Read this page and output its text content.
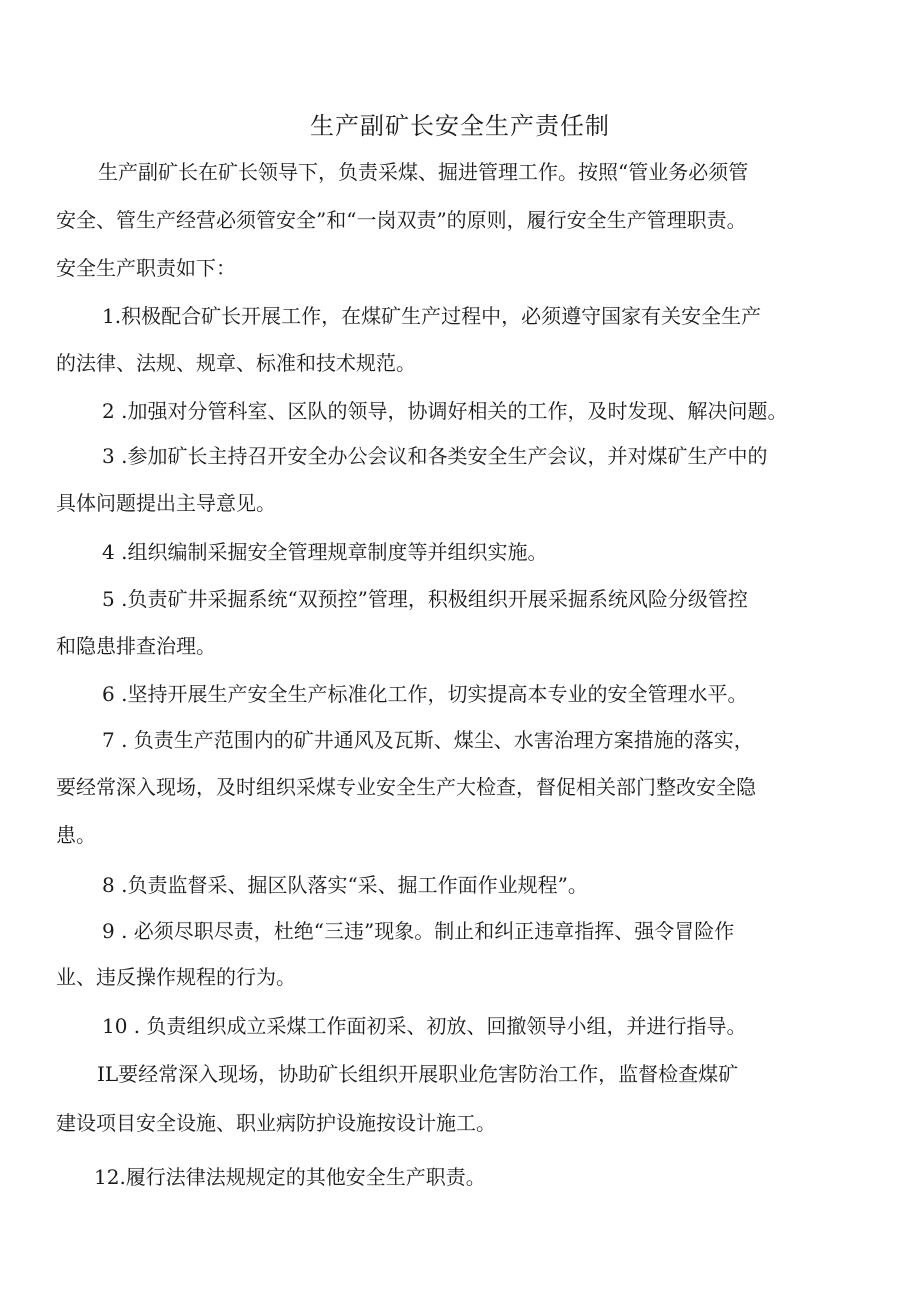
生产副矿长安全生产责任制

生产副矿长在矿长领导下，负责采煤、掘进管理工作。按照“管业务必须管

安全、管生产经营必须管安全”和“一岗双责”的原则，履行安全生产管理职责。

安全生产职责如下：

1.积极配合矿长开展工作，在煤矿生产过程中，必须遵守国家有关安全生产

的法律、法规、规章、标准和技术规范。

2 .加强对分管科室、区队的领导，协调好相关的工作，及时发现、解决问题。

3 .参加矿长主持召开安全办公会议和各类安全生产会议，并对煤矿生产中的

具体问题提出主导意见。

4 .组织编制采掘安全管理规章制度等并组织实施。

5 .负责矿井采掘系统“双预控”管理，积极组织开展采掘系统风险分级管控

和隐患排查治理。

6 .坚持开展生产安全生产标准化工作，切实提高本专业的安全管理水平。

7 . 负责生产范围内的矿井通风及瓦斯、煤尘、水害治理方案措施的落实，

要经常深入现场，及时组织采煤专业安全生产大检查，督促相关部门整改安全隐

患。

8 .负责监督采、掘区队落实“采、掘工作面作业规程”。

9 . 必须尽职尽责，杜绝“三违”现象。制止和纠正违章指挥、强令冒险作

业、违反操作规程的行为。

10 . 负责组织成立采煤工作面初采、初放、回撤领导小组，并进行指导。

IL要经常深入现场，协助矿长组织开展职业危害防治工作，监督检查煤矿

建设项目安全设施、职业病防护设施按设计施工。

12.履行法律法规规定的其他安全生产职责。
